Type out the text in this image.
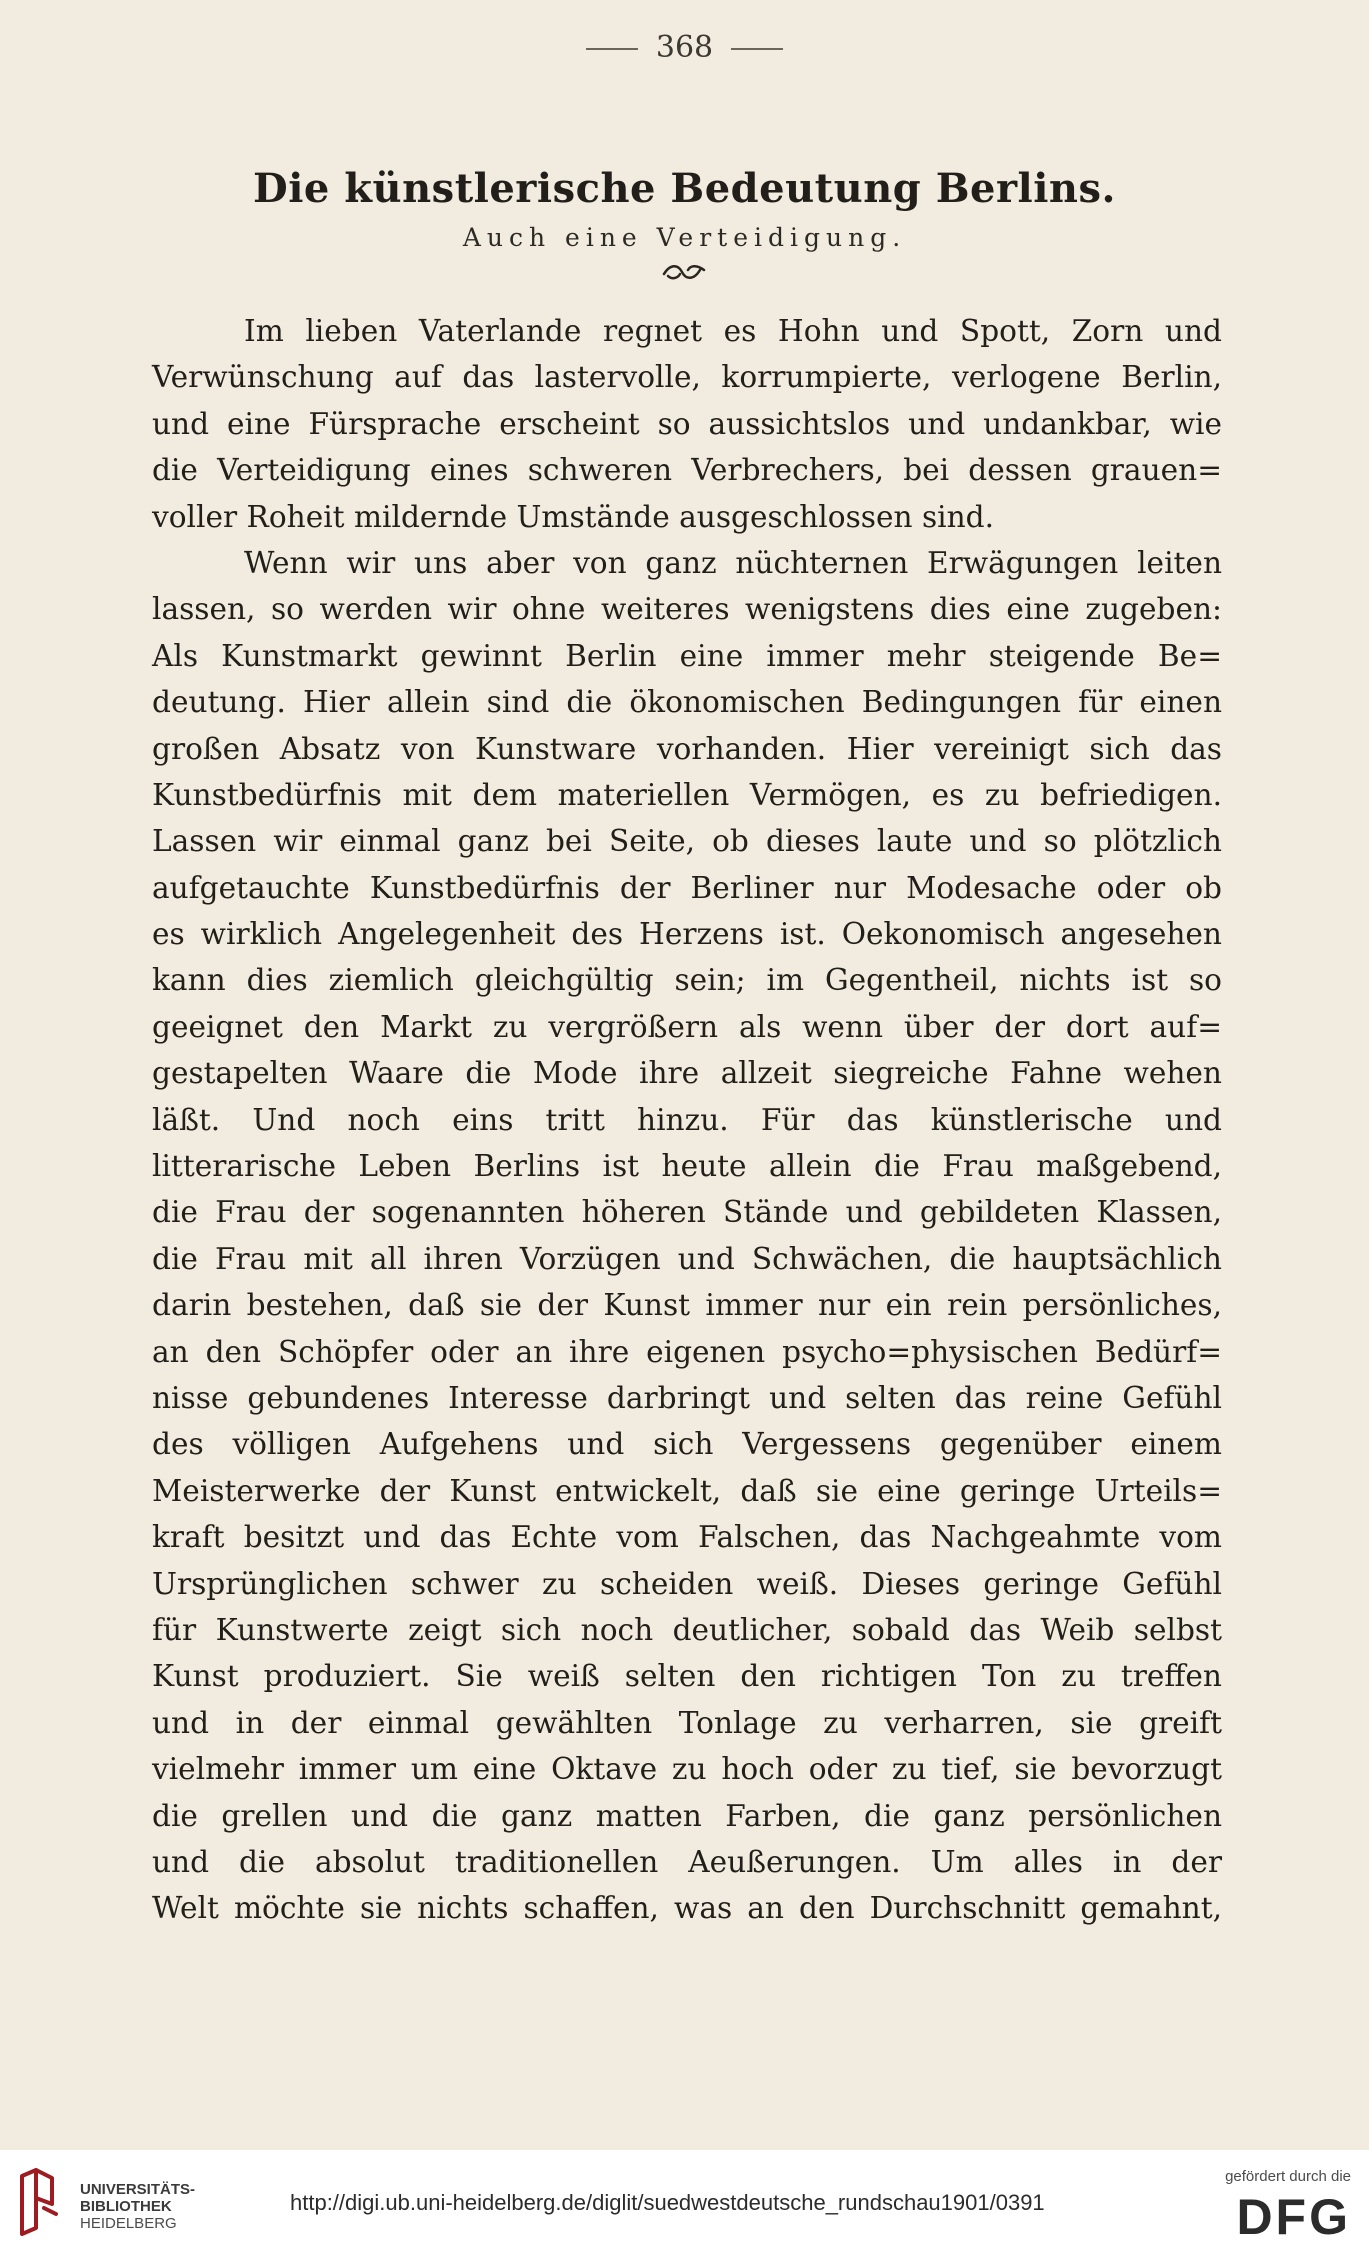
368
Die künstlerische Bedeutung Berlins.
Auch eine Verteidigung.
Im lieben Vaterlande regnet es Hohn und Spott, Zorn und
Verwünschung auf das lastervolle, korrumpierte, verlogene Berlin,
und eine Fürsprache erscheint so aussichtslos und undankbar, wie
die Verteidigung eines schweren Verbrechers, bei dessen grauen=
voller Roheit mildernde Umstände ausgeschlossen sind.
Wenn wir uns aber von ganz nüchternen Erwägungen leiten
lassen, so werden wir ohne weiteres wenigstens dies eine zugeben:
Als Kunstmarkt gewinnt Berlin eine immer mehr steigende Be=
deutung. Hier allein sind die ökonomischen Bedingungen für einen
großen Absatz von Kunstware vorhanden. Hier vereinigt sich das
Kunstbedürfnis mit dem materiellen Vermögen, es zu befriedigen.
Lassen wir einmal ganz bei Seite, ob dieses laute und so plötzlich
aufgetauchte Kunstbedürfnis der Berliner nur Modesache oder ob
es wirklich Angelegenheit des Herzens ist. Oekonomisch angesehen
kann dies ziemlich gleichgültig sein; im Gegentheil, nichts ist so
geeignet den Markt zu vergrößern als wenn über der dort auf=
gestapelten Waare die Mode ihre allzeit siegreiche Fahne wehen
läßt. Und noch eins tritt hinzu. Für das künstlerische und
litterarische Leben Berlins ist heute allein die Frau maßgebend,
die Frau der sogenannten höheren Stände und gebildeten Klassen,
die Frau mit all ihren Vorzügen und Schwächen, die hauptsächlich
darin bestehen, daß sie der Kunst immer nur ein rein persönliches,
an den Schöpfer oder an ihre eigenen psycho=physischen Bedürf=
nisse gebundenes Interesse darbringt und selten das reine Gefühl
des völligen Aufgehens und sich Vergessens gegenüber einem
Meisterwerke der Kunst entwickelt, daß sie eine geringe Urteils=
kraft besitzt und das Echte vom Falschen, das Nachgeahmte vom
Ursprünglichen schwer zu scheiden weiß. Dieses geringe Gefühl
für Kunstwerte zeigt sich noch deutlicher, sobald das Weib selbst
Kunst produziert. Sie weiß selten den richtigen Ton zu treffen
und in der einmal gewählten Tonlage zu verharren, sie greift
vielmehr immer um eine Oktave zu hoch oder zu tief, sie bevorzugt
die grellen und die ganz matten Farben, die ganz persönlichen
und die absolut traditionellen Aeußerungen. Um alles in der
Welt möchte sie nichts schaffen, was an den Durchschnitt gemahnt,
UNIVERSITÄTS-
BIBLIOTHEK
HEIDELBERG
http://digi.ub.uni-heidelberg.de/diglit/suedwestdeutsche_rundschau1901/0391
gefördert durch die
DFG
